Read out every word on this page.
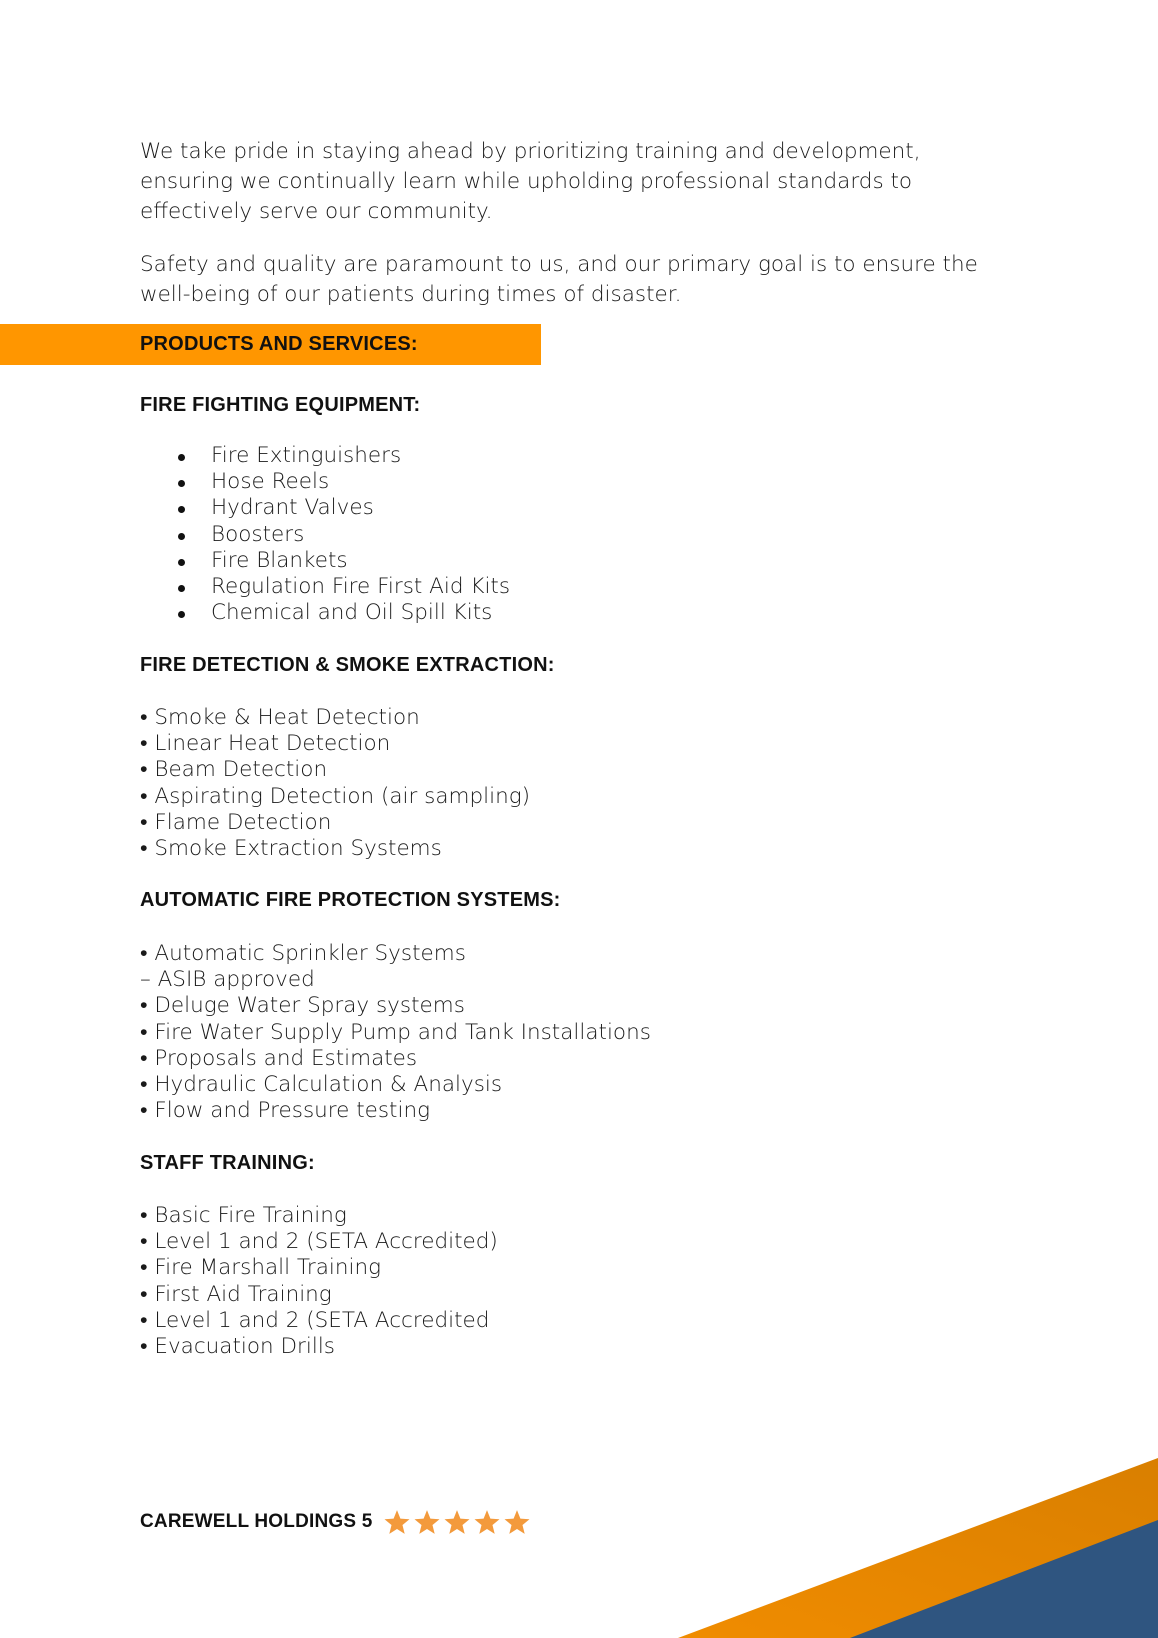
We take pride in staying ahead by prioritizing training and development, ensuring we continually learn while upholding professional standards to effectively serve our community.

Safety and quality are paramount to us, and our primary goal is to ensure the well-being of our patients during times of disaster.

PRODUCTS AND SERVICES:
FIRE FIGHTING EQUIPMENT:
Fire Extinguishers
Hose Reels
Hydrant Valves
Boosters
Fire Blankets
Regulation Fire First Aid Kits
Chemical and Oil Spill Kits
FIRE DETECTION & SMOKE EXTRACTION:
• Smoke & Heat Detection
• Linear Heat Detection
• Beam Detection
• Aspirating Detection (air sampling)
• Flame Detection
• Smoke Extraction Systems
AUTOMATIC FIRE PROTECTION SYSTEMS:
• Automatic Sprinkler Systems
– ASIB approved
• Deluge Water Spray systems
• Fire Water Supply Pump and Tank Installations
• Proposals and Estimates
• Hydraulic Calculation & Analysis
• Flow and Pressure testing
STAFF TRAINING:
• Basic Fire Training
• Level 1 and 2 (SETA Accredited)
• Fire Marshall Training
• First Aid Training
• Level 1 and 2 (SETA Accredited
• Evacuation Drills
CAREWELL HOLDINGS 5
